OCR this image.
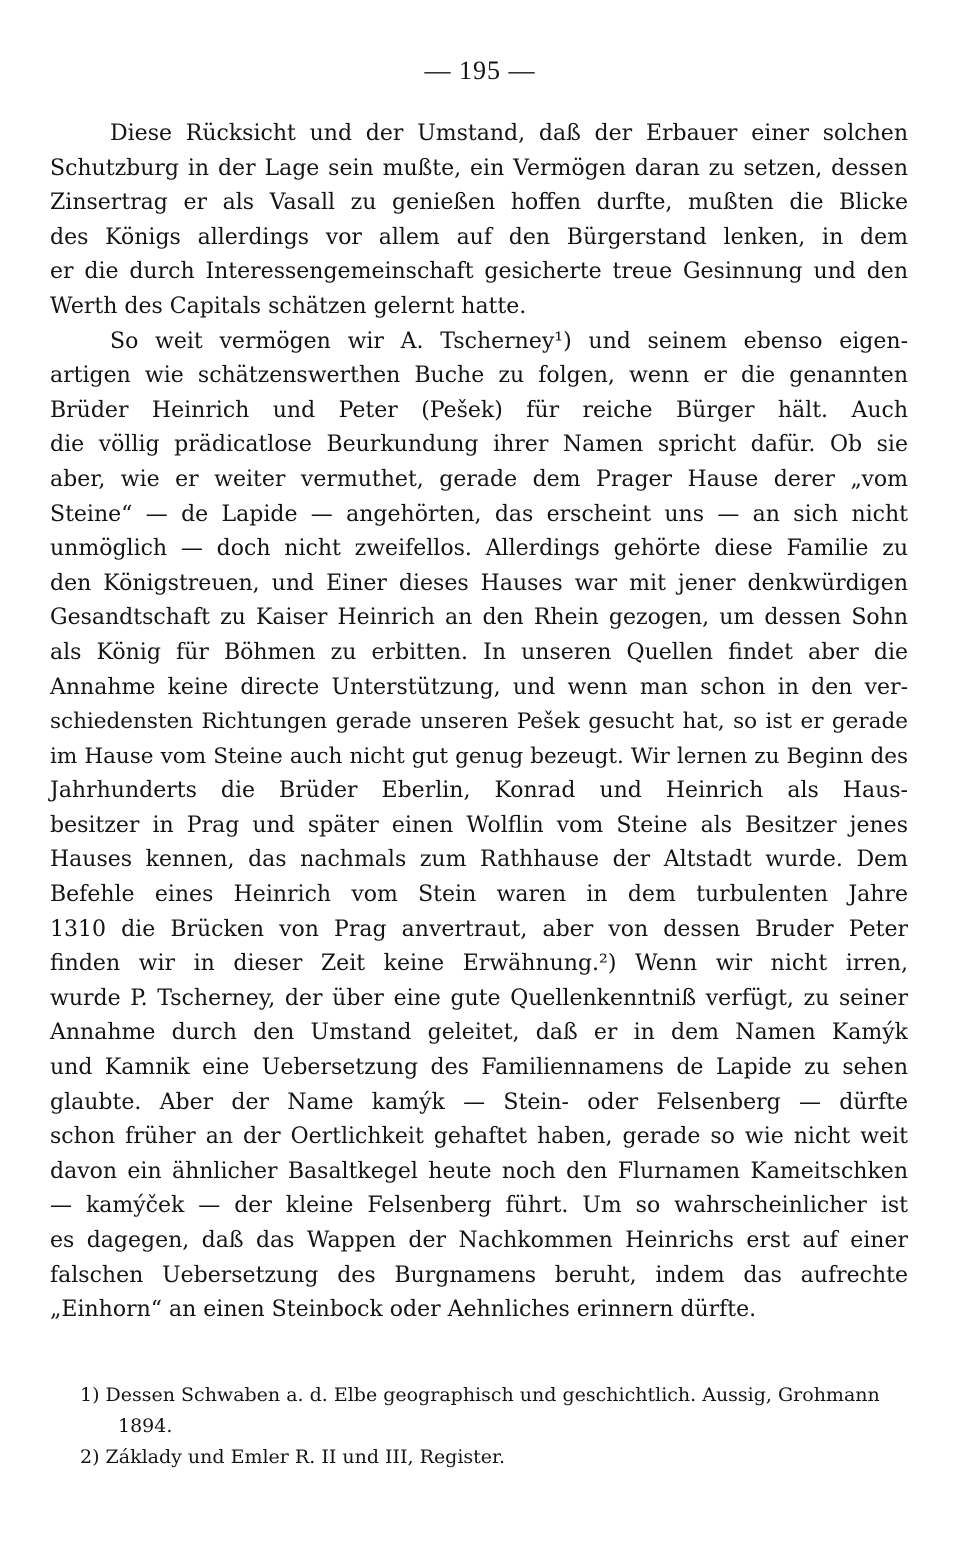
— 195 —
Diese Rücksicht und der Umstand, daß der Erbauer einer solchen
Schutzburg in der Lage sein mußte, ein Vermögen daran zu setzen, dessen
Zinsertrag er als Vasall zu genießen hoffen durfte, mußten die Blicke
des Königs allerdings vor allem auf den Bürgerstand lenken, in dem
er die durch Interessengemeinschaft gesicherte treue Gesinnung und den
Werth des Capitals schätzen gelernt hatte.
So weit vermögen wir A. Tscherney¹) und seinem ebenso eigen-
artigen wie schätzenswerthen Buche zu folgen, wenn er die genannten
Brüder Heinrich und Peter (Pešek) für reiche Bürger hält. Auch
die völlig prädicatlose Beurkundung ihrer Namen spricht dafür. Ob sie
aber, wie er weiter vermuthet, gerade dem Prager Hause derer „vom
Steine“ — de Lapide — angehörten, das erscheint uns — an sich nicht
unmöglich — doch nicht zweifellos. Allerdings gehörte diese Familie zu
den Königstreuen, und Einer dieses Hauses war mit jener denkwürdigen
Gesandtschaft zu Kaiser Heinrich an den Rhein gezogen, um dessen Sohn
als König für Böhmen zu erbitten. In unseren Quellen findet aber die
Annahme keine directe Unterstützung, und wenn man schon in den ver-
schiedensten Richtungen gerade unseren Pešek gesucht hat, so ist er gerade
im Hause vom Steine auch nicht gut genug bezeugt. Wir lernen zu Beginn des
Jahrhunderts die Brüder Eberlin, Konrad und Heinrich als Haus-
besitzer in Prag und später einen Wolflin vom Steine als Besitzer jenes
Hauses kennen, das nachmals zum Rathhause der Altstadt wurde. Dem
Befehle eines Heinrich vom Stein waren in dem turbulenten Jahre
1310 die Brücken von Prag anvertraut, aber von dessen Bruder Peter
finden wir in dieser Zeit keine Erwähnung.²) Wenn wir nicht irren,
wurde P. Tscherney, der über eine gute Quellenkenntniß verfügt, zu seiner
Annahme durch den Umstand geleitet, daß er in dem Namen Kamýk
und Kamnik eine Uebersetzung des Familiennamens de Lapide zu sehen
glaubte. Aber der Name kamýk — Stein- oder Felsenberg — dürfte
schon früher an der Oertlichkeit gehaftet haben, gerade so wie nicht weit
davon ein ähnlicher Basaltkegel heute noch den Flurnamen Kameitschken
— kamýček — der kleine Felsenberg führt. Um so wahrscheinlicher ist
es dagegen, daß das Wappen der Nachkommen Heinrichs erst auf einer
falschen Uebersetzung des Burgnamens beruht, indem das aufrechte
„Einhorn“ an einen Steinbock oder Aehnliches erinnern dürfte.
1) Dessen Schwaben a. d. Elbe geographisch und geschichtlich. Aussig, Grohmann
1894.
2) Základy und Emler R. II und III, Register.
